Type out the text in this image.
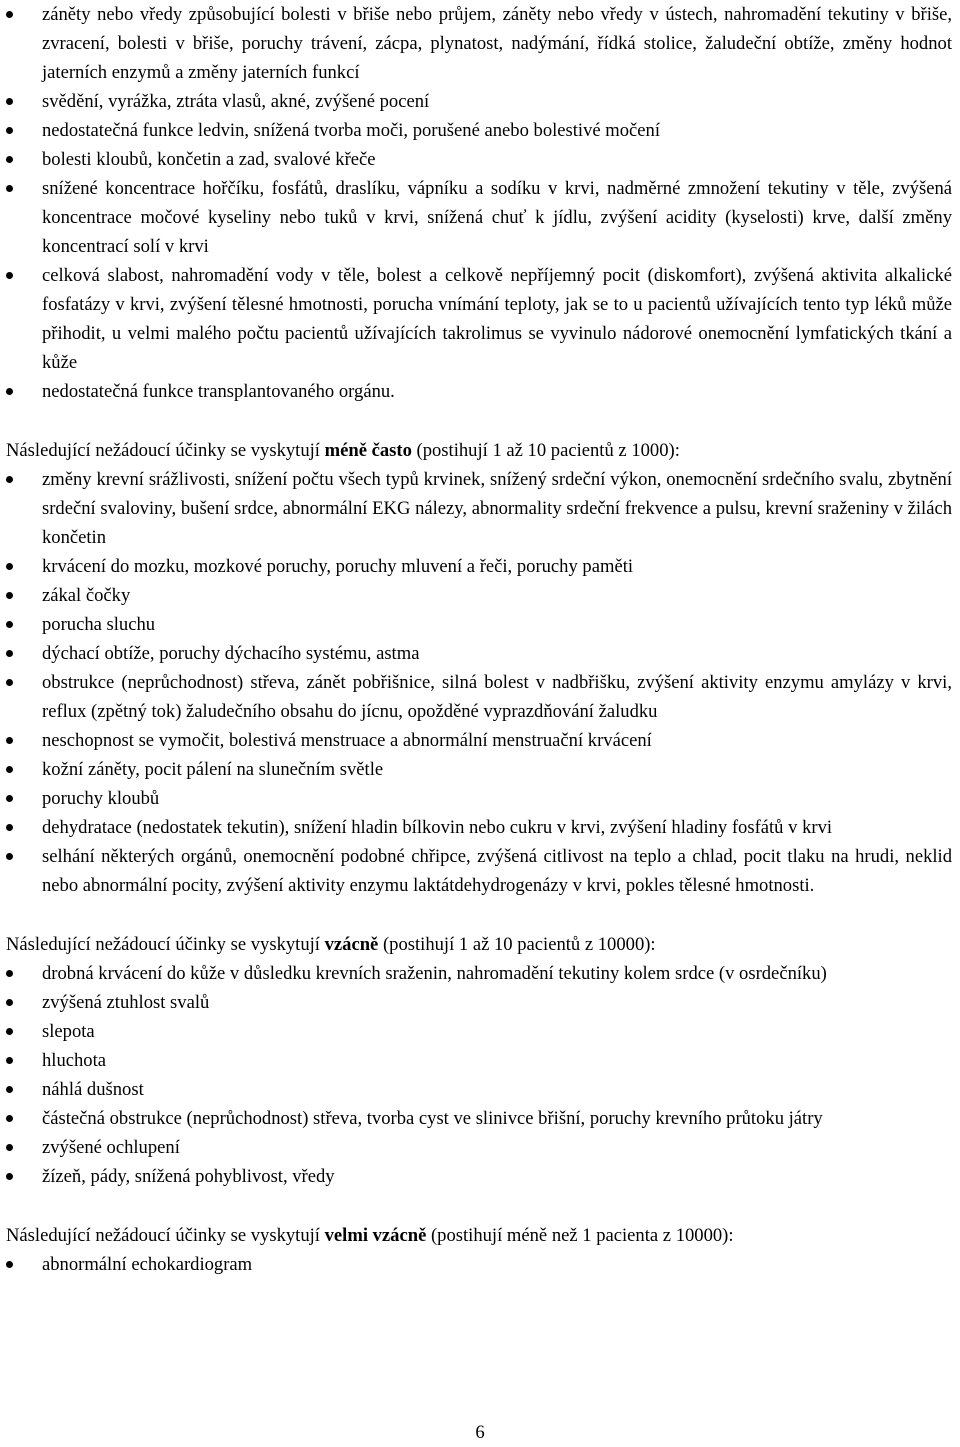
záněty nebo vředy způsobující bolesti v břiše nebo průjem, záněty nebo vředy v ústech, nahromadění tekutiny v břiše, zvracení, bolesti v břiše, poruchy trávení, zácpa, plynatost, nadýmání, řídká stolice, žaludeční obtíže, změny hodnot jaterních enzymů a změny jaterních funkcí
svědění, vyrážka, ztráta vlasů, akné, zvýšené pocení
nedostatečná funkce ledvin, snížená tvorba moči, porušené anebo bolestivé močení
bolesti kloubů, končetin a zad, svalové křeče
snížené koncentrace hořčíku, fosfátů, draslíku, vápníku a sodíku v krvi, nadměrné zmnožení tekutiny v těle, zvýšená koncentrace močové kyseliny nebo tuků v krvi, snížená chuť k jídlu, zvýšení acidity (kyselosti) krve, další změny koncentrací solí v krvi
celková slabost, nahromadění vody v těle, bolest a celkově nepříjemný pocit (diskomfort), zvýšená aktivita alkalické fosfatázy v krvi, zvýšení tělesné hmotnosti, porucha vnímání teploty, jak se to u pacientů užívajících tento typ léků může přihodit, u velmi malého počtu pacientů užívajících takrolimus se vyvinulo nádorové onemocnění lymfatických tkání a kůže
nedostatečná funkce transplantovaného orgánu.

Následující nežádoucí účinky se vyskytují méně často (postihují 1 až 10 pacientů z 1000):

změny krevní srážlivosti, snížení počtu všech typů krvinek, snížený srdeční výkon, onemocnění srdečního svalu, zbytnění srdeční svaloviny, bušení srdce, abnormální EKG nálezy, abnormality srdeční frekvence a pulsu, krevní sraženiny v žilách končetin
krvácení do mozku, mozkové poruchy, poruchy mluvení a řeči, poruchy paměti
zákal čočky
porucha sluchu
dýchací obtíže, poruchy dýchacího systému, astma
obstrukce (neprůchodnost) střeva, zánět pobřišnice, silná bolest v nadbřišku, zvýšení aktivity enzymu amylázy v krvi, reflux (zpětný tok) žaludečního obsahu do jícnu, opožděné vyprazdňování žaludku
neschopnost se vymočit, bolestivá menstruace a abnormální menstruační krvácení
kožní záněty, pocit pálení na slunečním světle
poruchy kloubů
dehydratace (nedostatek tekutin), snížení hladin bílkovin nebo cukru v krvi, zvýšení hladiny fosfátů v krvi
selhání některých orgánů, onemocnění podobné chřipce, zvýšená citlivost na teplo a chlad, pocit tlaku na hrudi, neklid nebo abnormální pocity, zvýšení aktivity enzymu laktátdehydrogenázy v krvi, pokles tělesné hmotnosti.

Následující nežádoucí účinky se vyskytují vzácně (postihují 1 až 10 pacientů z 10000):

drobná krvácení do kůže v důsledku krevních sraženin, nahromadění tekutiny kolem srdce (v osrdečníku)
zvýšená ztuhlost svalů
slepota
hluchota
náhlá dušnost
částečná obstrukce (neprůchodnost) střeva, tvorba cyst ve slinivce břišní, poruchy krevního průtoku játry
zvýšené ochlupení
žízeň, pády, snížená pohyblivost, vředy

Následující nežádoucí účinky se vyskytují velmi vzácně (postihují méně než 1 pacienta z 10000):

abnormální echokardiogram
6
